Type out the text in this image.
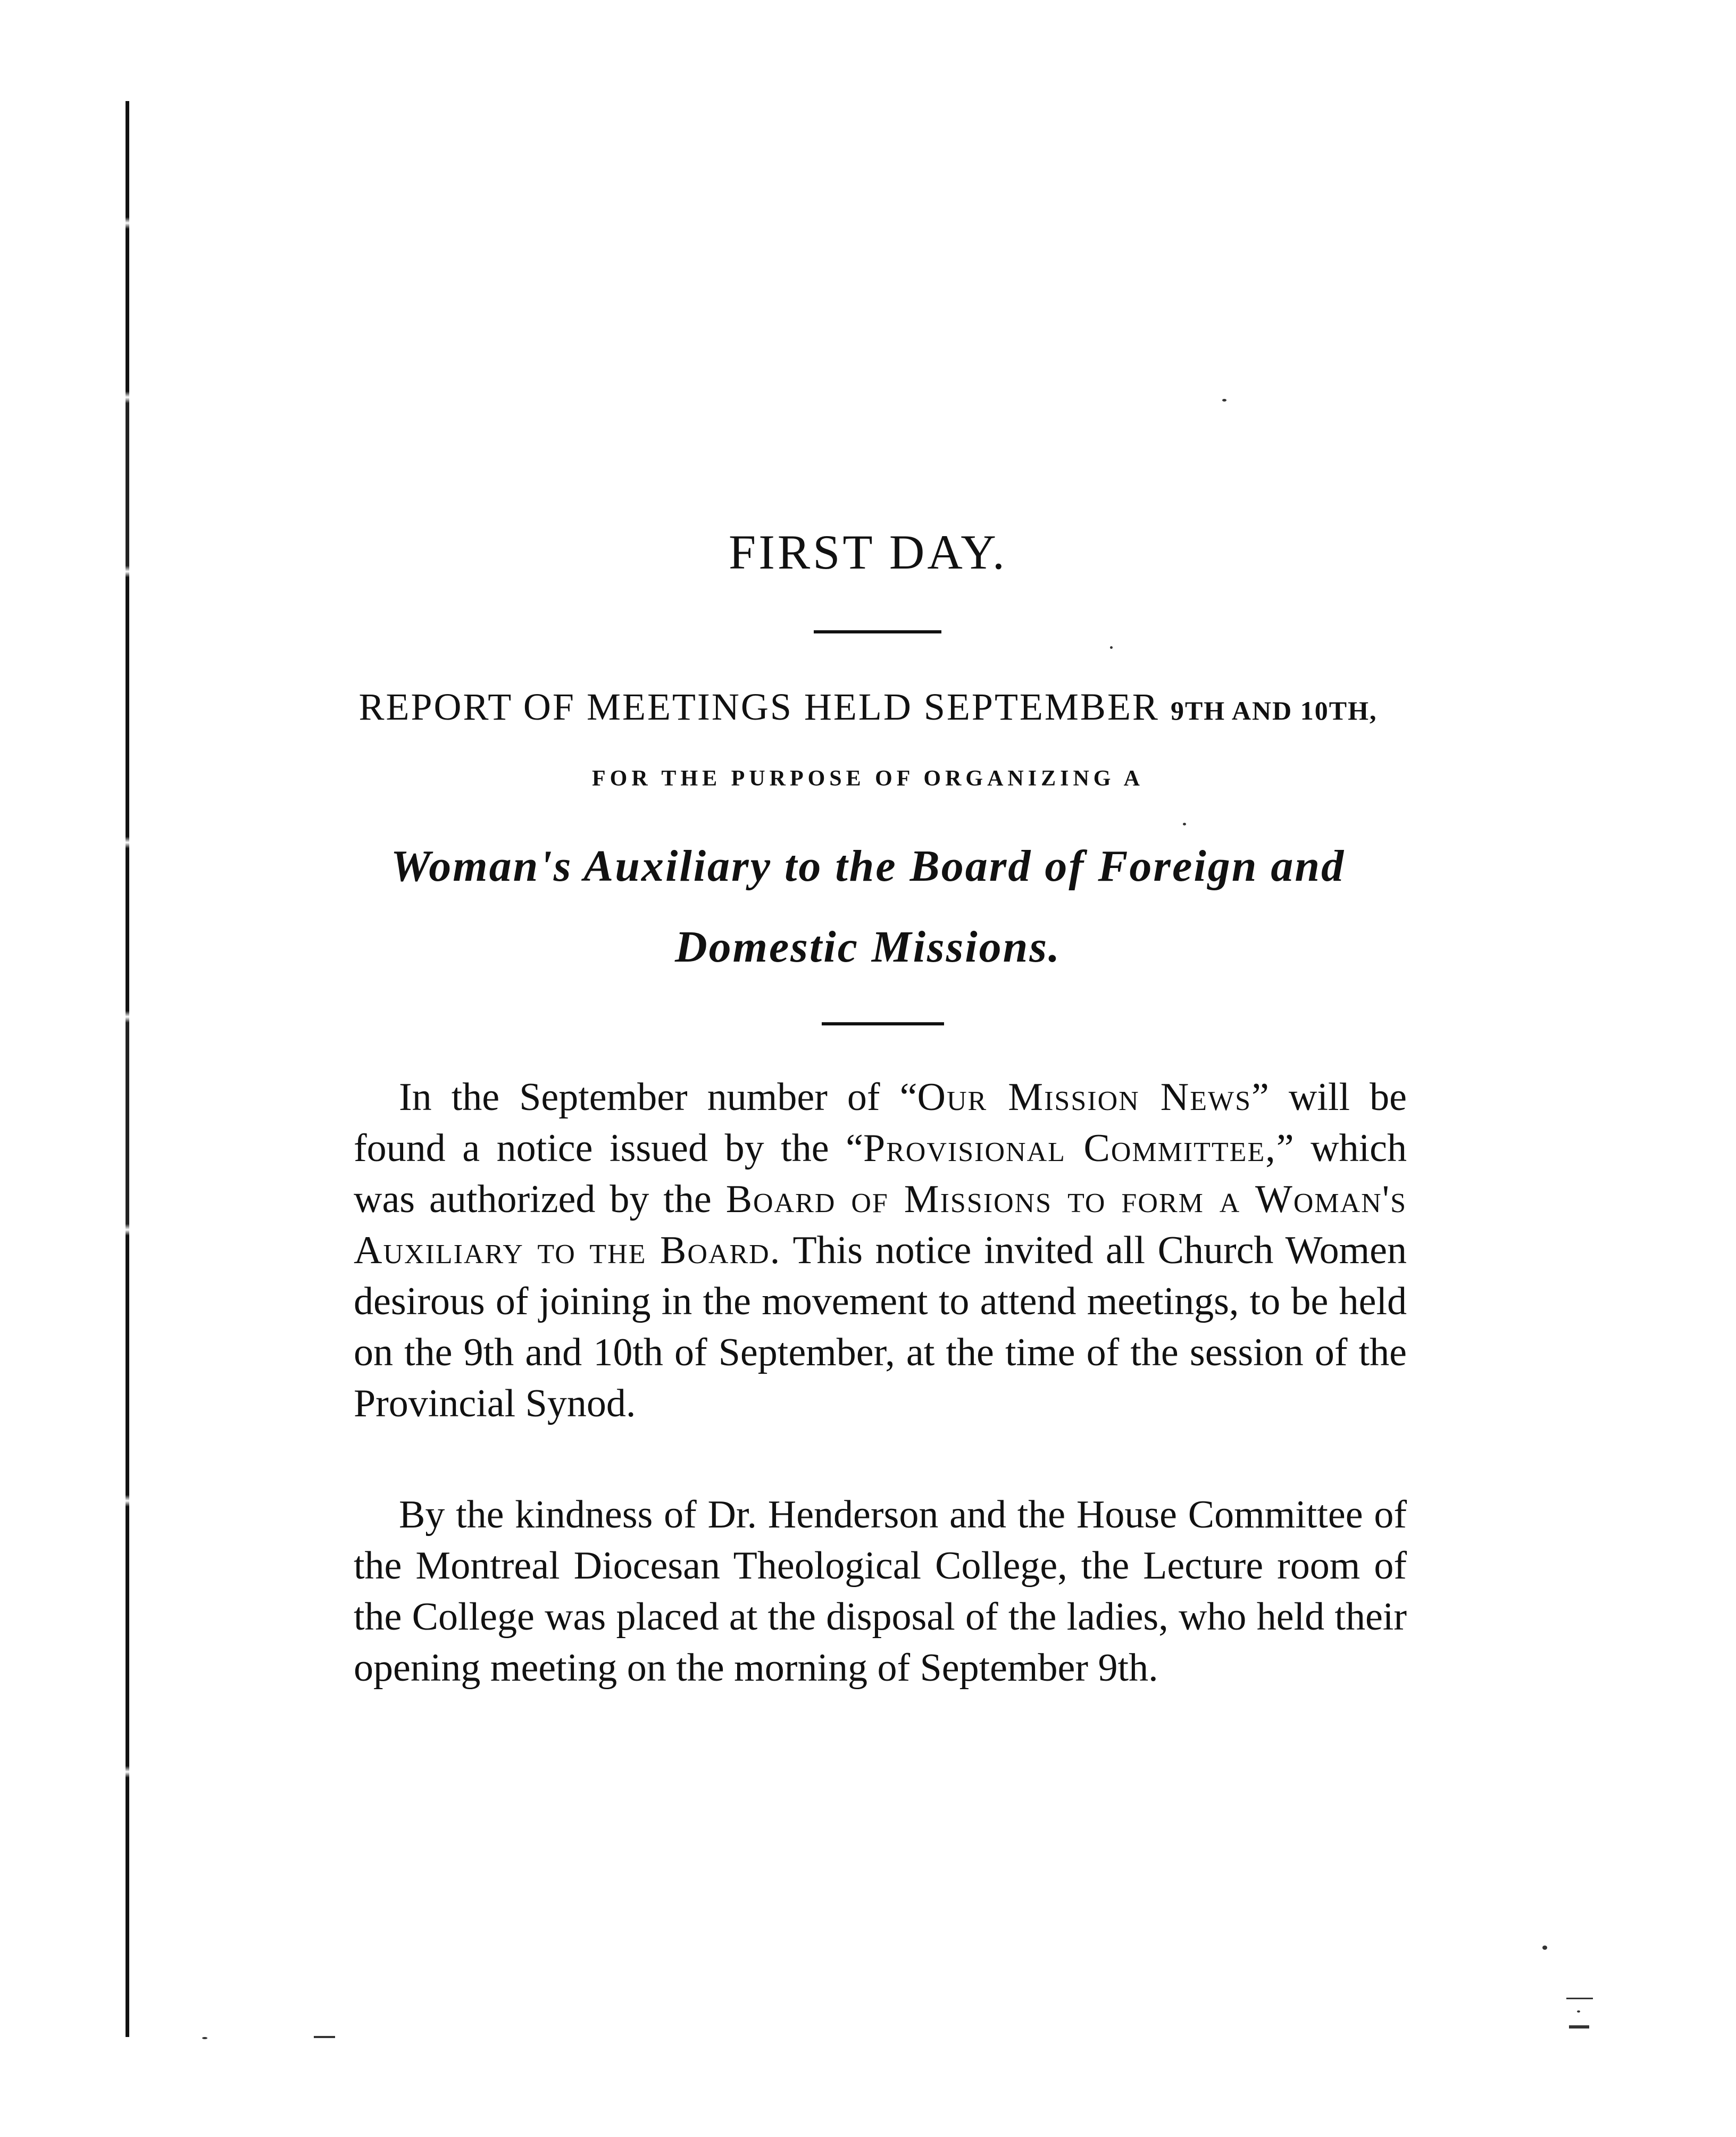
FIRST DAY.
REPORT OF MEETINGS HELD SEPTEMBER 9TH AND 10TH,
FOR THE PURPOSE OF ORGANIZING A
Woman's Auxiliary to the Board of Foreign and
Domestic Missions.

In the September number of “Our Mission News” will be found a notice issued by the “Provisional Committee,” which was authorized by the Board of Missions to form a Woman's Auxiliary to the Board. This notice invited all Church Women desirous of joining in the movement to attend meetings, to be held on the 9th and 10th of September, at the time of the session of the Provincial Synod.

By the kindness of Dr. Henderson and the House Committee of the Montreal Diocesan Theological College, the Lecture room of the College was placed at the disposal of the ladies, who held their opening meeting on the morning of September 9th.
